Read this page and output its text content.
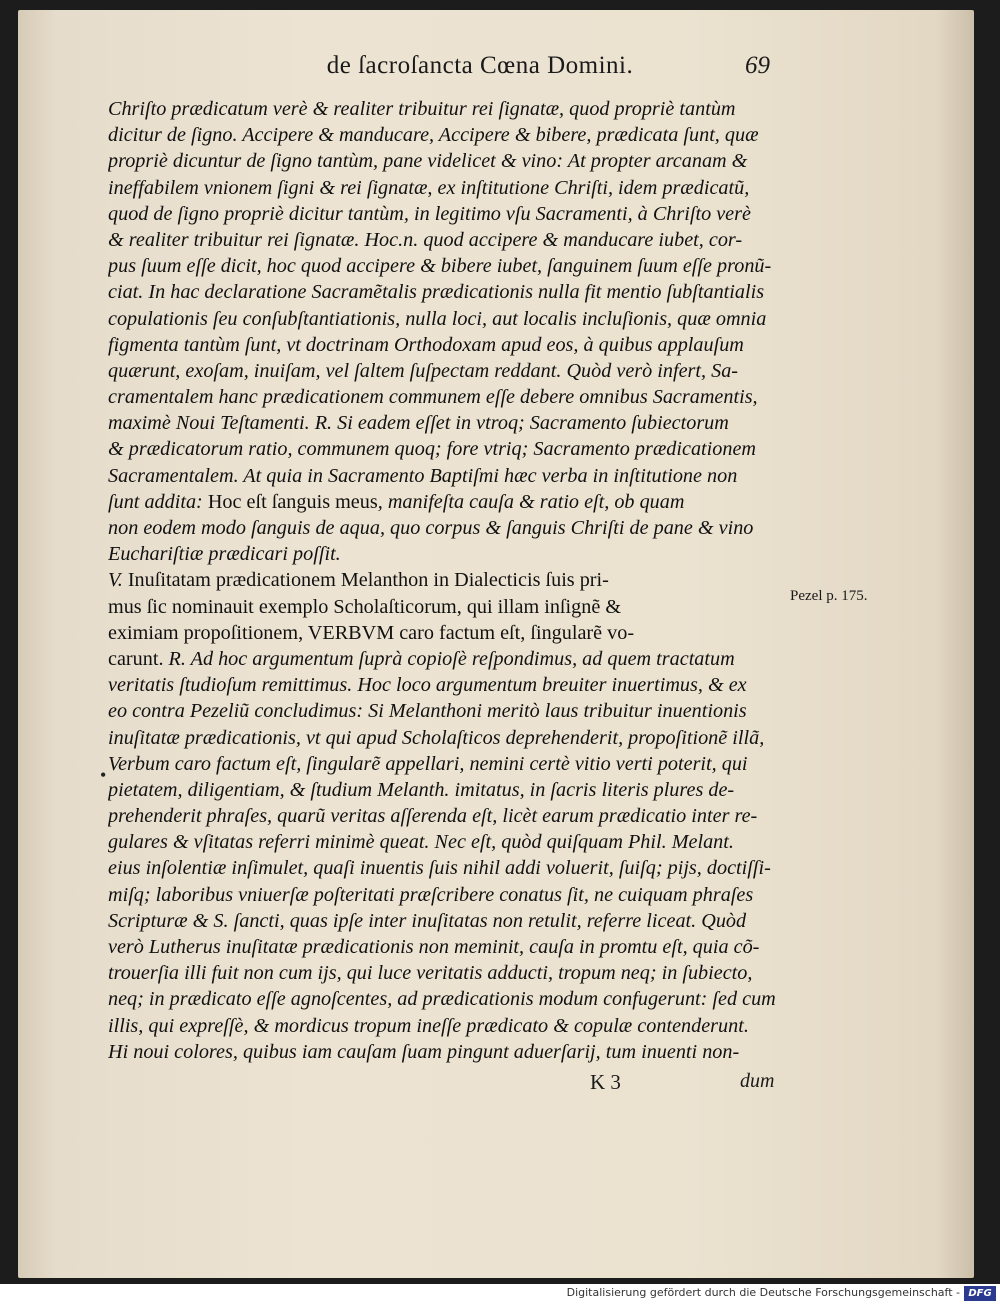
de ſacroſancta Cœna Domini.	69
Chriſto prædicatum verè & realiter tribuitur rei ſignatæ, quod propriè tantùm
dicitur de ſigno. Accipere & manducare, Accipere & bibere, prædicata ſunt, quæ
propriè dicuntur de ſigno tantùm, pane videlicet & vino: At propter arcanam &
ineffabilem vnionem ſigni & rei ſignatæ, ex inſtitutione Chriſti, idem prædicatũ,
quod de ſigno propriè dicitur tantùm, in legitimo vſu Sacramenti, à Chriſto verè
& realiter tribuitur rei ſignatæ. Hoc.n. quod accipere & manducare iubet, cor-
pus ſuum eſſe dicit, hoc quod accipere & bibere iubet, ſanguinem ſuum eſſe pronũ-
ciat. In hac declaratione Sacramẽtalis prædicationis nulla fit mentio ſubſtantialis
copulationis ſeu conſubſtantiationis, nulla loci, aut localis incluſionis, quæ omnia
figmenta tantùm ſunt, vt doctrinam Orthodoxam apud eos, à quibus applauſum
quærunt, exoſam, inuiſam, vel ſaltem ſuſpectam reddant. Quòd verò infert, Sa-
cramentalem hanc prædicationem communem eſſe debere omnibus Sacramentis,
maximè Noui Teſtamenti. R. Si eadem eſſet in vtroq; Sacramento ſubiectorum
& prædicatorum ratio, communem quoq; fore vtriq; Sacramento prædicationem
Sacramentalem. At quia in Sacramento Baptiſmi hæc verba in inſtitutione non
ſunt addita: Hoc eſt ſanguis meus, manifeſta cauſa & ratio eſt, ob quam
non eodem modo ſanguis de aqua, quo corpus & ſanguis Chriſti de pane & vino
Euchariſtiæ prædicari poſſit.
V. Inuſitatam prædicationem Melanthon in Dialecticis ſuis pri-
mus ſic nominauit exemplo Scholaſticorum, qui illam inſignẽ &
eximiam propoſitionem, VERBVM caro factum eſt, ſingularẽ vo-
carunt. R. Ad hoc argumentum ſuprà copioſè reſpondimus, ad quem tractatum
veritatis ſtudioſum remittimus. Hoc loco argumentum breuiter inuertimus, & ex
eo contra Pezeliũ concludimus: Si Melanthoni meritò laus tribuitur inuentionis
inuſitatæ prædicationis, vt qui apud Scholaſticos deprehenderit, propoſitionẽ illã,
Verbum caro factum eſt, ſingularẽ appellari, nemini certè vitio verti poterit, qui
pietatem, diligentiam, & ſtudium Melanth. imitatus, in ſacris literis plures de-
prehenderit phraſes, quarũ veritas aſſerenda eſt, licèt earum prædicatio inter re-
gulares & vſitatas referri minimè queat. Nec eſt, quòd quiſquam Phil. Melant.
eius inſolentiæ inſimulet, quaſi inuentis ſuis nihil addi voluerit, ſuiſq; pijs, doctiſſi-
miſq; laboribus vniuerſæ poſteritati præſcribere conatus ſit, ne cuiquam phraſes
Scripturæ & S. ſancti, quas ipſe inter inuſitatas non retulit, referre liceat. Quòd
verò Lutherus inuſitatæ prædicationis non meminit, cauſa in promtu eſt, quia cõ-
trouerſia illi fuit non cum ijs, qui luce veritatis adducti, tropum neq; in ſubiecto,
neq; in prædicato eſſe agnoſcentes, ad prædicationis modum confugerunt: ſed cum
illis, qui expreſſè, & mordicus tropum ineſſe prædicato & copulæ contenderunt.
Hi noui colores, quibus iam cauſam ſuam pingunt aduerſarij, tum inuenti non-
•
Pezel p. 175.
K 3	dum
Digitalisierung gefördert durch die Deutsche Forschungsgemeinschaft - DFG
